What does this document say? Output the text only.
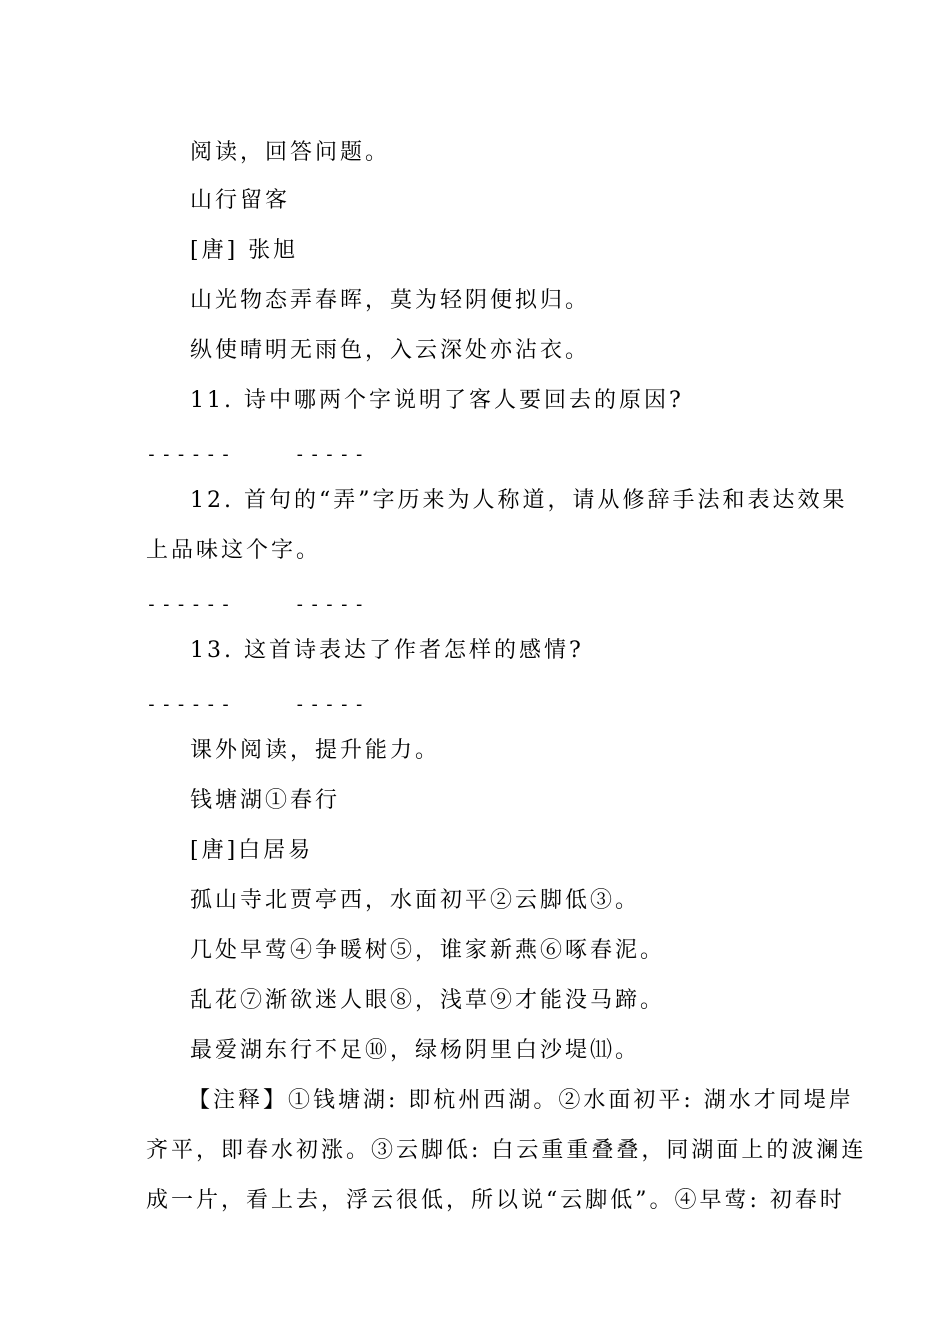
阅读，回答问题。
山行留客
[唐] 张旭
山光物态弄春晖，莫为轻阴便拟归。
纵使晴明无雨色，入云深处亦沾衣。
11. 诗中哪两个字说明了客人要回去的原因?
------    -----
12. 首句的“弄”字历来为人称道，请从修辞手法和表达效果
上品味这个字。
------    -----
13. 这首诗表达了作者怎样的感情?
------    -----
课外阅读，提升能力。
钱塘湖①春行
[唐]白居易
孤山寺北贾亭西，水面初平②云脚低③。
几处早莺④争暖树⑤，谁家新燕⑥啄春泥。
乱花⑦渐欲迷人眼⑧，浅草⑨才能没马蹄。
最爱湖东行不足⑩，绿杨阴里白沙堤⑾。
【注释】①钱塘湖: 即杭州西湖。②水面初平: 湖水才同堤岸
齐平，即春水初涨。③云脚低: 白云重重叠叠，同湖面上的波澜连
成一片，看上去，浮云很低，所以说“云脚低”。④早莺: 初春时
